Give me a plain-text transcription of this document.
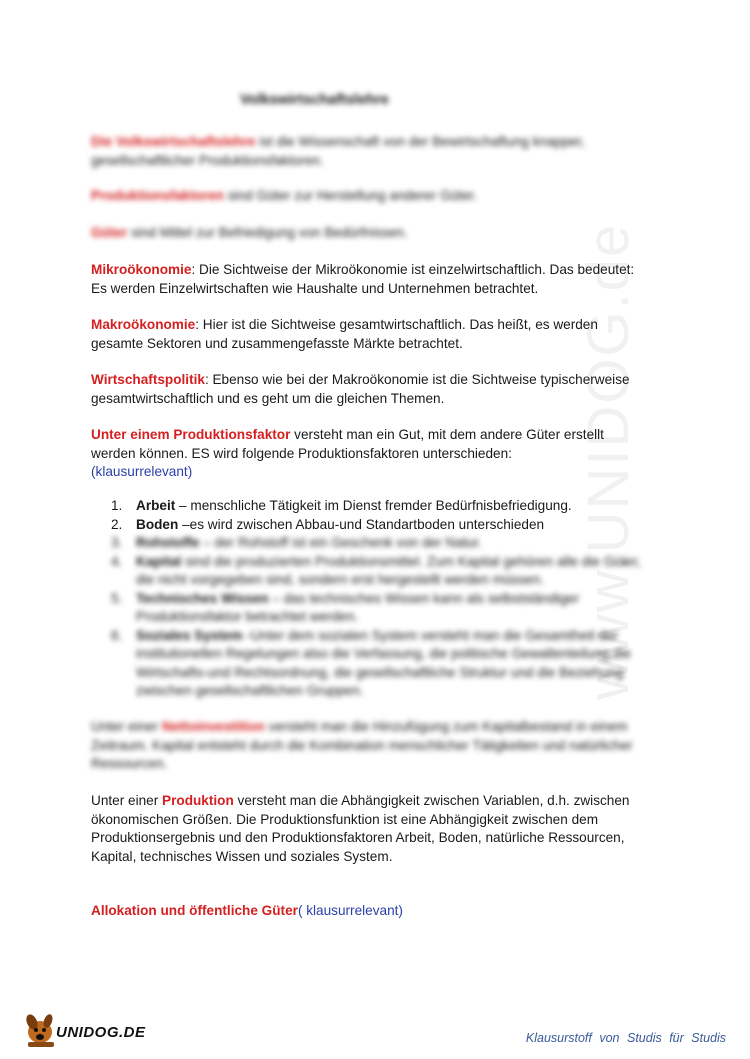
www.UNIDOG.de
Volkswirtschaftslehre
Die Volkswirtschaftslehre ist die Wissenschaft von der Bewirtschaftung knapper, gesellschaftlicher Produktionsfaktoren.
Produktionsfaktoren sind Güter zur Herstellung anderer Güter.
Güter sind Mittel zur Befriedigung von Bedürfnissen.
Mikroökonomie: Die Sichtweise der Mikroökonomie ist einzelwirtschaftlich. Das bedeutet: Es werden Einzelwirtschaften wie Haushalte und Unternehmen betrachtet.
Makroökonomie: Hier ist die Sichtweise gesamtwirtschaftlich. Das heißt, es werden gesamte Sektoren und zusammengefasste Märkte betrachtet.
Wirtschaftspolitik: Ebenso wie bei der Makroökonomie ist die Sichtweise typischerweise gesamtwirtschaftlich und es geht um die gleichen Themen.
Unter einem Produktionsfaktor versteht man ein Gut, mit dem andere Güter erstellt werden können. ES wird folgende Produktionsfaktoren unterschieden:
(klausurrelevant)
1. Arbeit – menschliche Tätigkeit im Dienst fremder Bedürfnisbefriedigung.
2. Boden –es wird zwischen Abbau-und Standartboden unterschieden
3. Rohstoffe – der Rohstoff ist ein Geschenk von der Natur.
4. Kapital sind die produzierten Produktionsmittel. Zum Kapital gehören alle die Güter, die nicht vorgegeben sind, sondern erst hergestellt werden müssen.
5. Technisches Wissen – das technisches Wissen kann als selbstständiger Produktionsfaktor betrachtet werden.
6. Soziales System -Unter dem sozialen System versteht man die Gesamtheit der institutionellen Regelungen also die Verfassung, die politische Gewaltenteilung,die Wirtschafts-und Rechtsordnung, die gesellschaftliche Struktur und die Beziehung zwischen gesellschaftlichen Gruppen.
Unter einer Nettoinvestition versteht man die Hinzufügung zum Kapitalbestand in einem Zeitraum. Kapital entsteht durch die Kombination menschlicher Tätigkeiten und natürlicher Ressourcen.
Unter einer Produktion versteht man die Abhängigkeit zwischen Variablen, d.h. zwischen ökonomischen Größen. Die Produktionsfunktion ist eine Abhängigkeit zwischen dem Produktionsergebnis und den Produktionsfaktoren Arbeit, Boden, natürliche Ressourcen, Kapital, technisches Wissen und soziales System.
Allokation und öffentliche Güter( klausurrelevant)
UNIDOG.DE	Klausurstoff von Studis für Studis
